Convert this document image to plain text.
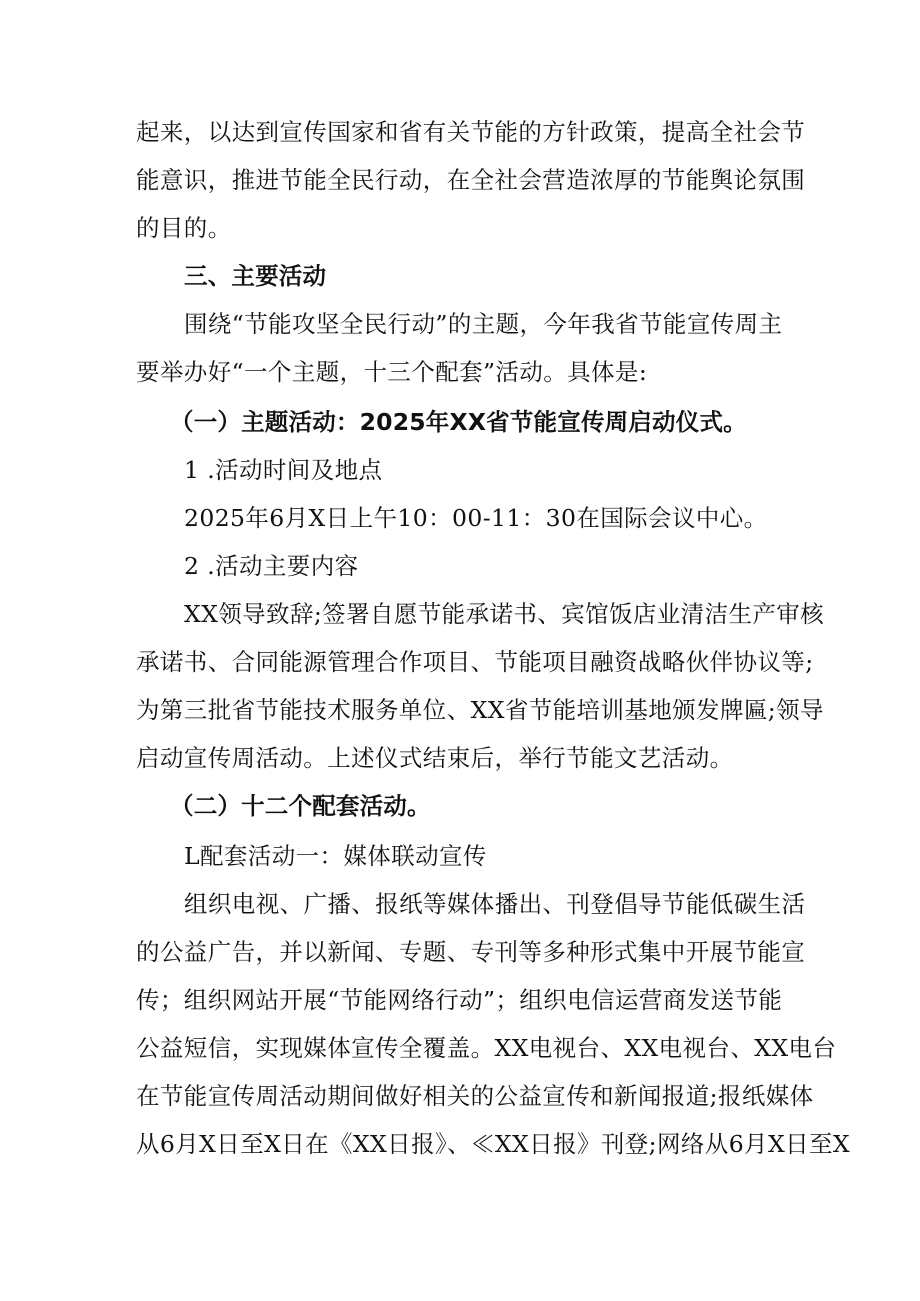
起来，以达到宣传国家和省有关节能的方针政策，提高全社会节
能意识，推进节能全民行动，在全社会营造浓厚的节能舆论氛围
的目的。
三、主要活动
围绕“节能攻坚全民行动”的主题，今年我省节能宣传周主
要举办好“一个主题，十三个配套”活动。具体是:
（一）主题活动：2025年XX省节能宣传周启动仪式。
1 .活动时间及地点
2025年6月X日上午10：00-11：30在国际会议中心。
2 .活动主要内容
XX领导致辞;签署自愿节能承诺书、宾馆饭店业清洁生产审核
承诺书、合同能源管理合作项目、节能项目融资战略伙伴协议等;
为第三批省节能技术服务单位、XX省节能培训基地颁发牌匾;领导
启动宣传周活动。上述仪式结束后，举行节能文艺活动。
（二）十二个配套活动。
L配套活动一：媒体联动宣传
组织电视、广播、报纸等媒体播出、刊登倡导节能低碳生活
的公益广告，并以新闻、专题、专刊等多种形式集中开展节能宣
传；组织网站开展“节能网络行动”；组织电信运营商发送节能
公益短信，实现媒体宣传全覆盖。XX电视台、XX电视台、XX电台
在节能宣传周活动期间做好相关的公益宣传和新闻报道;报纸媒体
从6月X日至X日在《XX日报》、≪XX日报》刊登;网络从6月X日至X
